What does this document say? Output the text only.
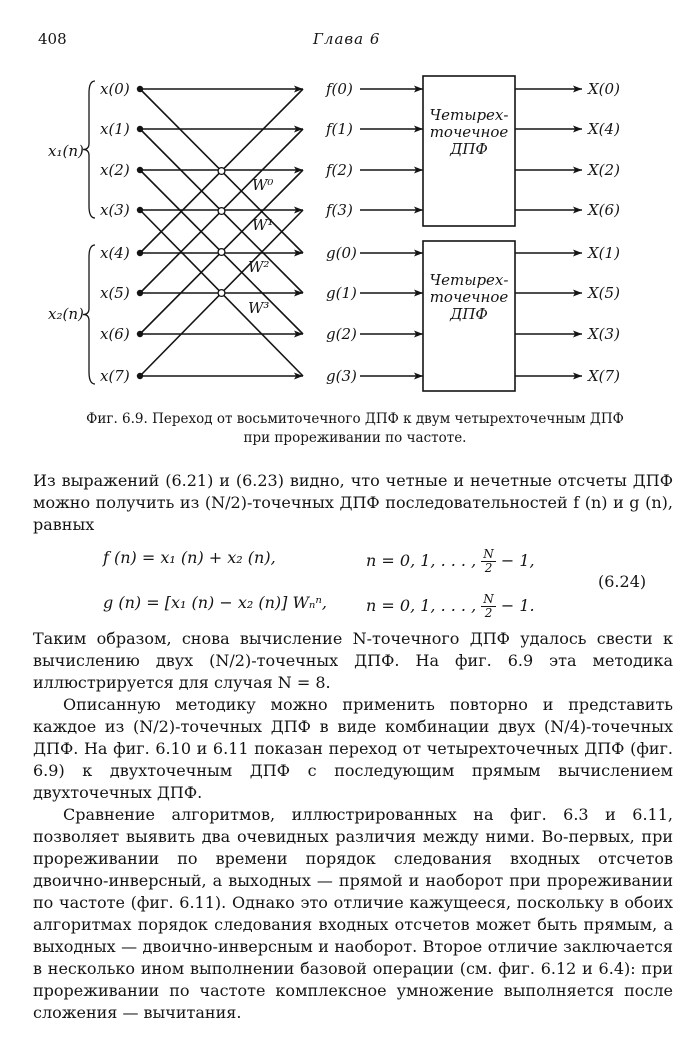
408	Глава 6
x(0)
x(1)
x(2)
x(3)
x(4)
x(5)
x(6)
x(7)
x₁(n)
x₂(n)
W⁰
W¹
W²
W³
f(0)
f(1)
f(2)
f(3)
g(0)
g(1)
g(2)
g(3)
Четырех-
точечное
ДПФ
Четырех-
точечное
ДПФ
X(0)
X(4)
X(2)
X(6)
X(1)
X(5)
X(3)
X(7)
Фиг. 6.9. Переход от восьмиточечного ДПФ к двум четырехточечным ДПФ
при прореживании по частоте.

Из выражений (6.21) и (6.23) видно, что четные и нечетные отсчеты ДПФ можно получить из (N/2)-точечных ДПФ последовательностей f (n) и g (n), равных

f (n) = x₁ (n) + x₂ (n),	n = 0, 1, . . . , $\frac{N}{2} - 1$,
(6.24)
g (n) = [x₁ (n) − x₂ (n)] Wₙⁿ, n = 0, 1, . . . , $\frac{N}{2} - 1$.

Таким образом, снова вычисление N-точечного ДПФ удалось свести к вычислению двух (N/2)-точечных ДПФ. На фиг. 6.9 эта методика иллюстрируется для случая N = 8.

Описанную методику можно применить повторно и представить каждое из (N/2)-точечных ДПФ в виде комбинации двух (N/4)-точечных ДПФ. На фиг. 6.10 и 6.11 показан переход от четырехточечных ДПФ (фиг. 6.9) к двухточечным ДПФ с последующим прямым вычислением двухточечных ДПФ.

Сравнение алгоритмов, иллюстрированных на фиг. 6.3 и 6.11, позволяет выявить два очевидных различия между ними. Во-первых, при прореживании по времени порядок следования входных отсчетов двоично-инверсный, а выходных — прямой и наоборот при прореживании по частоте (фиг. 6.11). Однако это отличие кажущееся, поскольку в обоих алгоритмах порядок следования входных отсчетов может быть прямым, а выходных — двоично-инверсным и наоборот. Второе отличие заключается в несколько ином выполнении базовой операции (см. фиг. 6.12 и 6.4): при прореживании по частоте комплексное умножение выполняется после сложения — вычитания.
